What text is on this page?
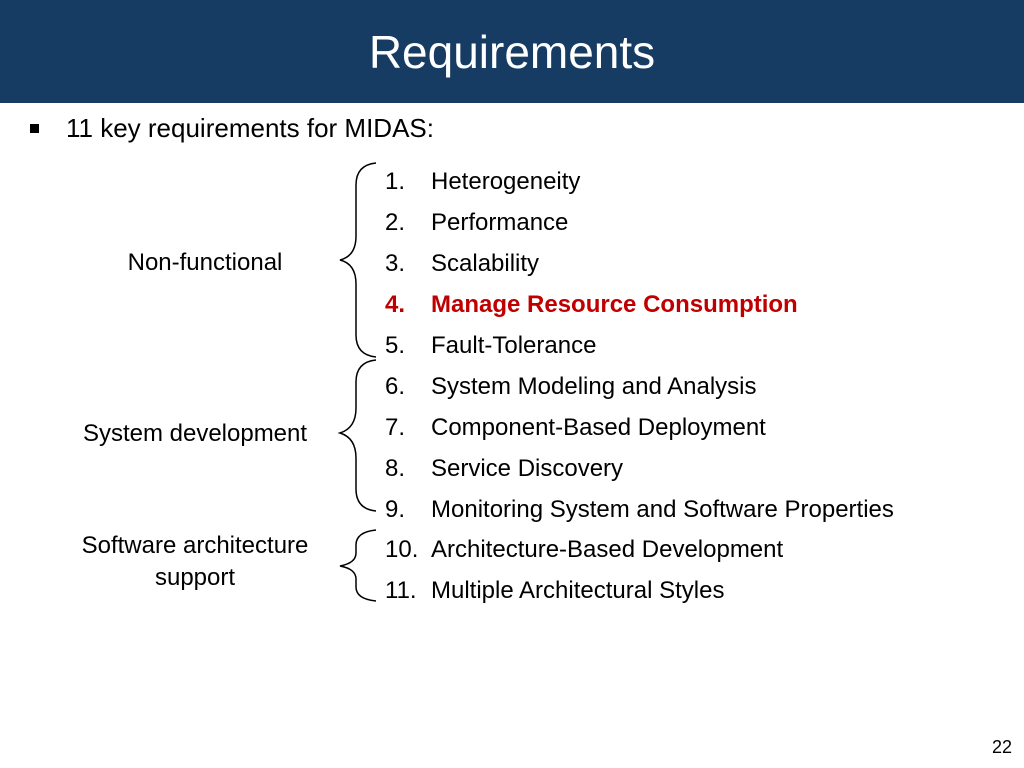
Requirements
11 key requirements for MIDAS:
Non-functional
System development
Software architecture
support
1.	Heterogeneity
2.	Performance
3.	Scalability
4.	Manage Resource Consumption
5.	Fault-Tolerance
6.	System Modeling and Analysis
7.	Component-Based Deployment
8.	Service Discovery
9.	Monitoring System and Software Properties
10. Architecture-Based Development
11. Multiple Architectural Styles
22
